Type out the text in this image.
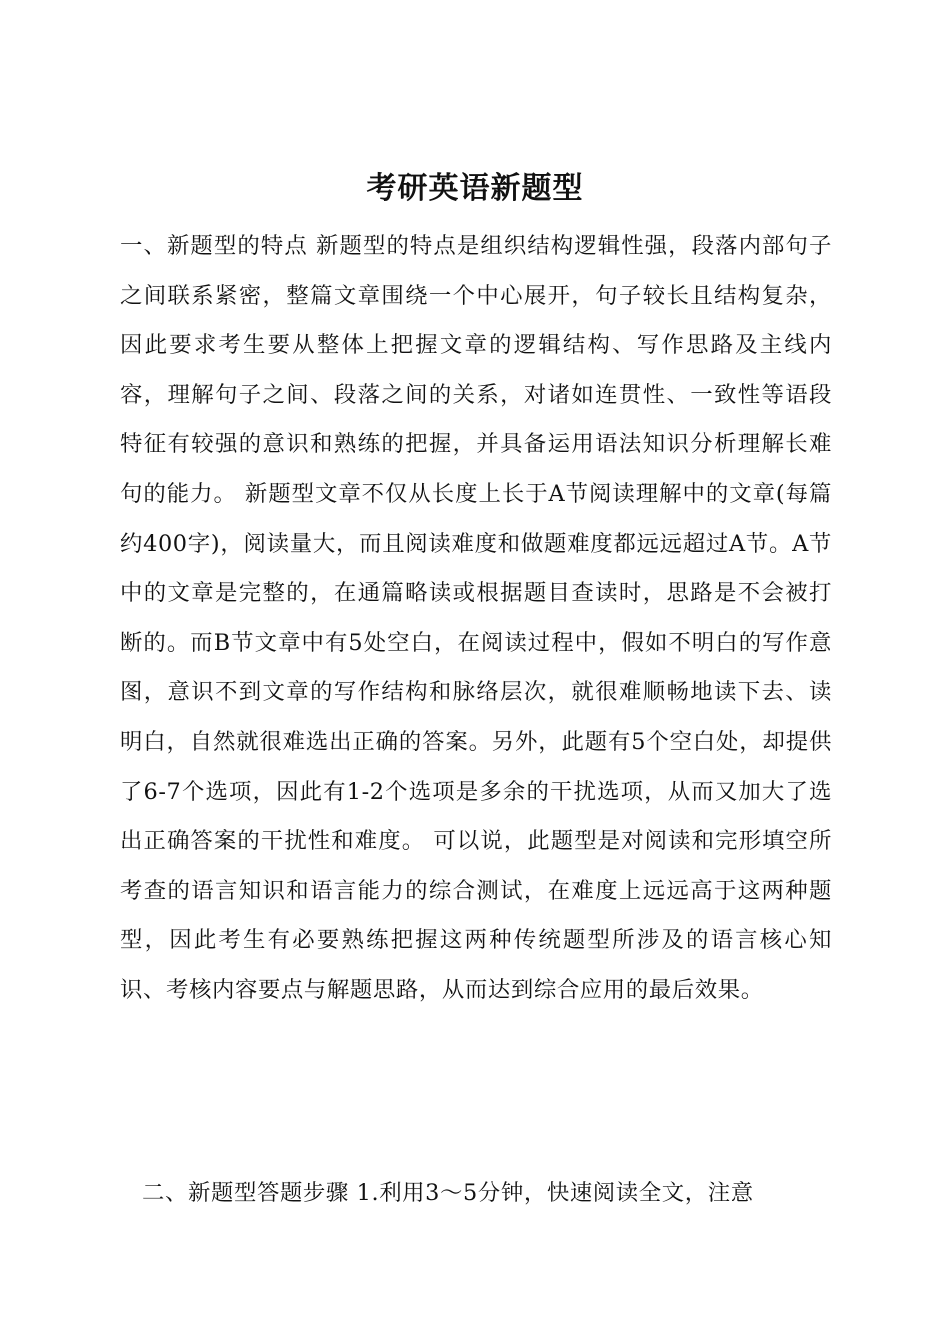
考研英语新题型

一、新题型的特点 新题型的特点是组织结构逻辑性强，段落内部句子之间联系紧密，整篇文章围绕一个中心展开，句子较长且结构复杂，因此要求考生要从整体上把握文章的逻辑结构、写作思路及主线内容，理解句子之间、段落之间的关系，对诸如连贯性、一致性等语段特征有较强的意识和熟练的把握，并具备运用语法知识分析理解长难句的能力。 新题型文章不仅从长度上长于A节阅读理解中的文章(每篇约400字)，阅读量大，而且阅读难度和做题难度都远远超过A节。A节中的文章是完整的，在通篇略读或根据题目查读时，思路是不会被打断的。而B节文章中有5处空白，在阅读过程中，假如不明白的写作意图，意识不到文章的写作结构和脉络层次，就很难顺畅地读下去、读明白，自然就很难选出正确的答案。另外，此题有5个空白处，却提供了6-7个选项，因此有1-2个选项是多余的干扰选项，从而又加大了选出正确答案的干扰性和难度。 可以说，此题型是对阅读和完形填空所考查的语言知识和语言能力的综合测试，在难度上远远高于这两种题型，因此考生有必要熟练把握这两种传统题型所涉及的语言核心知识、考核内容要点与解题思路，从而达到综合应用的最后效果。

二、新题型答题步骤 1.利用3～5分钟，快速阅读全文，注意
